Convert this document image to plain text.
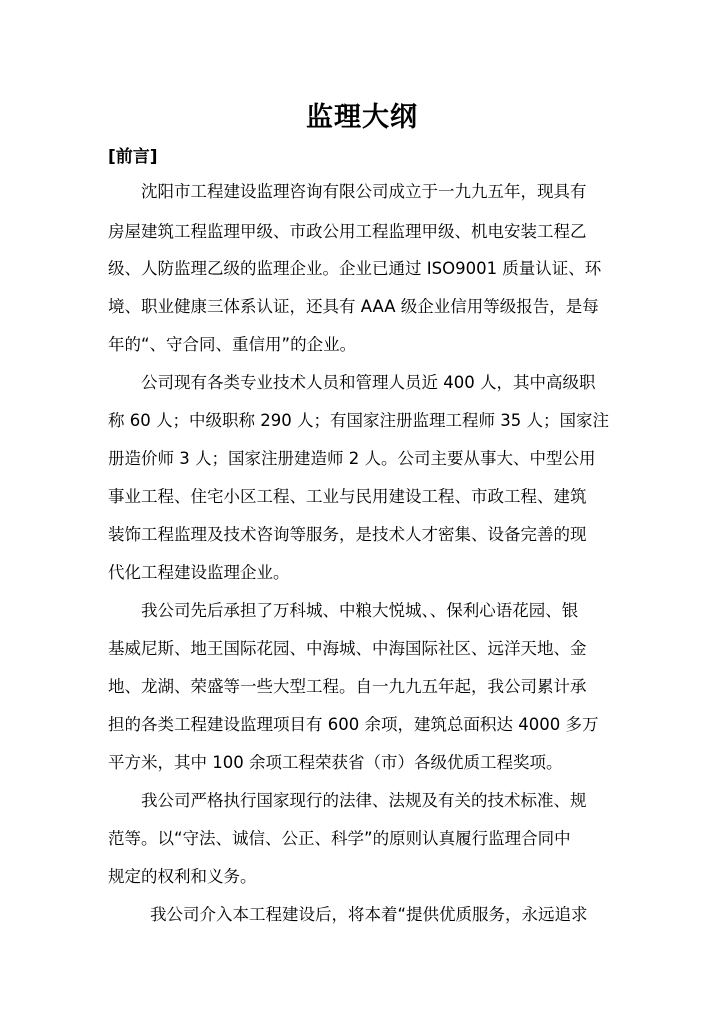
监理大纲
[前言]
沈阳市工程建设监理咨询有限公司成立于一九九五年，现具有
房屋建筑工程监理甲级、市政公用工程监理甲级、机电安装工程乙
级、人防监理乙级的监理企业。企业已通过 ISO9001 质量认证、环
境、职业健康三体系认证，还具有 AAA 级企业信用等级报告，是每
年的“、守合同、重信用”的企业。
公司现有各类专业技术人员和管理人员近 400 人，其中高级职
称 60 人；中级职称 290 人；有国家注册监理工程师 35 人；国家注
册造价师 3 人；国家注册建造师 2 人。公司主要从事大、中型公用
事业工程、住宅小区工程、工业与民用建设工程、市政工程、建筑
装饰工程监理及技术咨询等服务，是技术人才密集、设备完善的现
代化工程建设监理企业。
我公司先后承担了万科城、中粮大悦城、、保利心语花园、银
基威尼斯、地王国际花园、中海城、中海国际社区、远洋天地、金
地、龙湖、荣盛等一些大型工程。自一九九五年起，我公司累计承
担的各类工程建设监理项目有 600 余项，建筑总面积达 4000 多万
平方米，其中 100 余项工程荣获省（市）各级优质工程奖项。
我公司严格执行国家现行的法律、法规及有关的技术标准、规
范等。以“守法、诚信、公正、科学”的原则认真履行监理合同中
规定的权利和义务。
我公司介入本工程建设后，将本着“提供优质服务，永远追求
